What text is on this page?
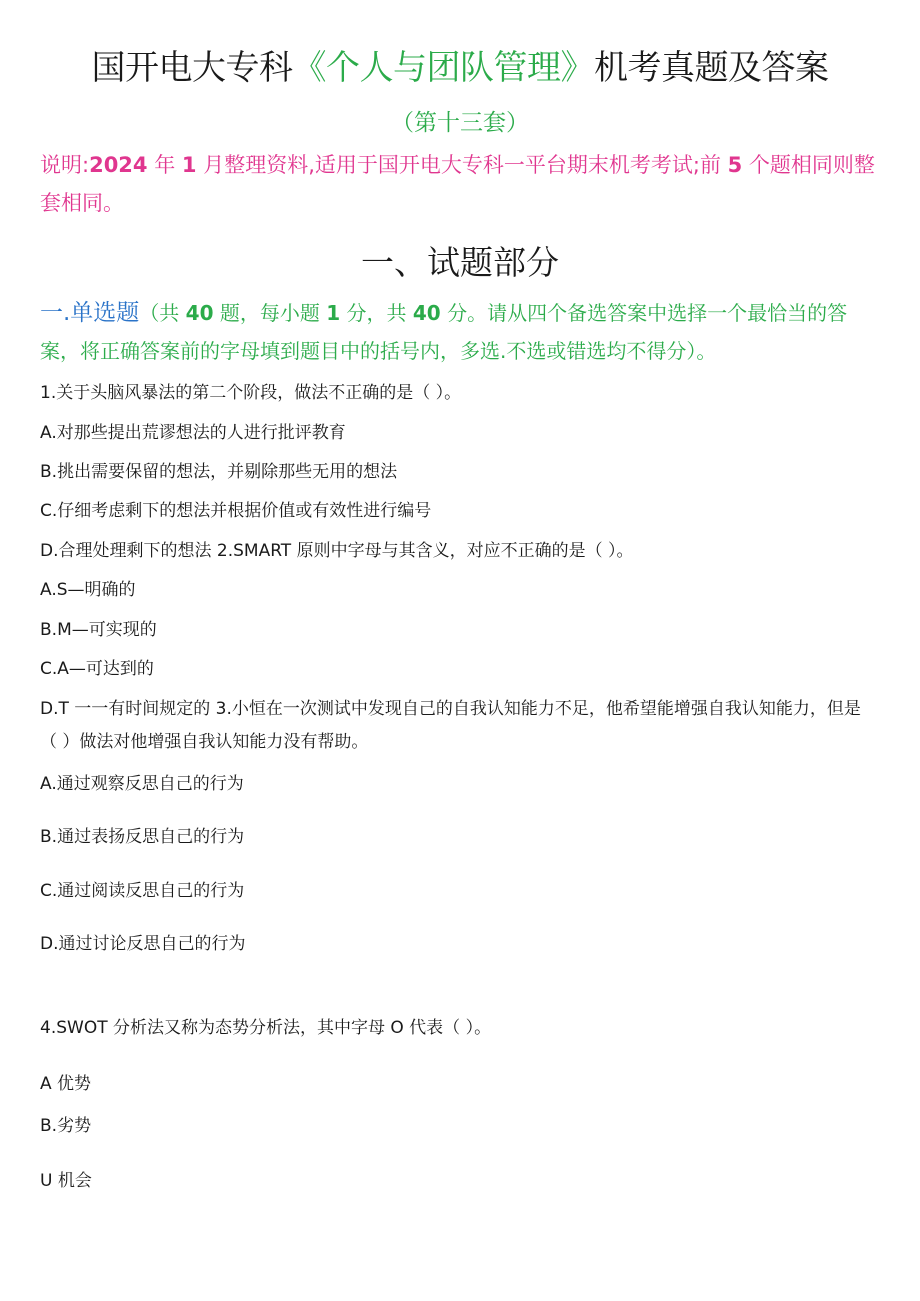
国开电大专科《个人与团队管理》机考真题及答案
（第十三套）
说明:2024 年 1 月整理资料,适用于国开电大专科一平台期末机考考试;前 5 个题相同则整套相同。
一、试题部分
一.单选题（共 40 题，每小题 1 分，共 40 分。请从四个备选答案中选择一个最恰当的答案，将正确答案前的字母填到题目中的括号内，多选.不选或错选均不得分）。
1.关于头脑风暴法的第二个阶段，做法不正确的是（ ）。
A.对那些提出荒谬想法的人进行批评教育
B.挑出需要保留的想法，并剔除那些无用的想法
C.仔细考虑剩下的想法并根据价值或有效性进行编号
D.合理处理剩下的想法 2.SMART 原则中字母与其含义，对应不正确的是（ ）。
A.S—明确的
B.M—可实现的
C.A—可达到的
D.T 一一有时间规定的 3.小恒在一次测试中发现自己的自我认知能力不足，他希望能增强自我认知能力，但是（ ）做法对他增强自我认知能力没有帮助。
A.通过观察反思自己的行为
B.通过表扬反思自己的行为
C.通过阅读反思自己的行为
D.通过讨论反思自己的行为
4.SWOT 分析法又称为态势分析法，其中字母 O 代表（ ）。
A 优势
B.劣势
U 机会
